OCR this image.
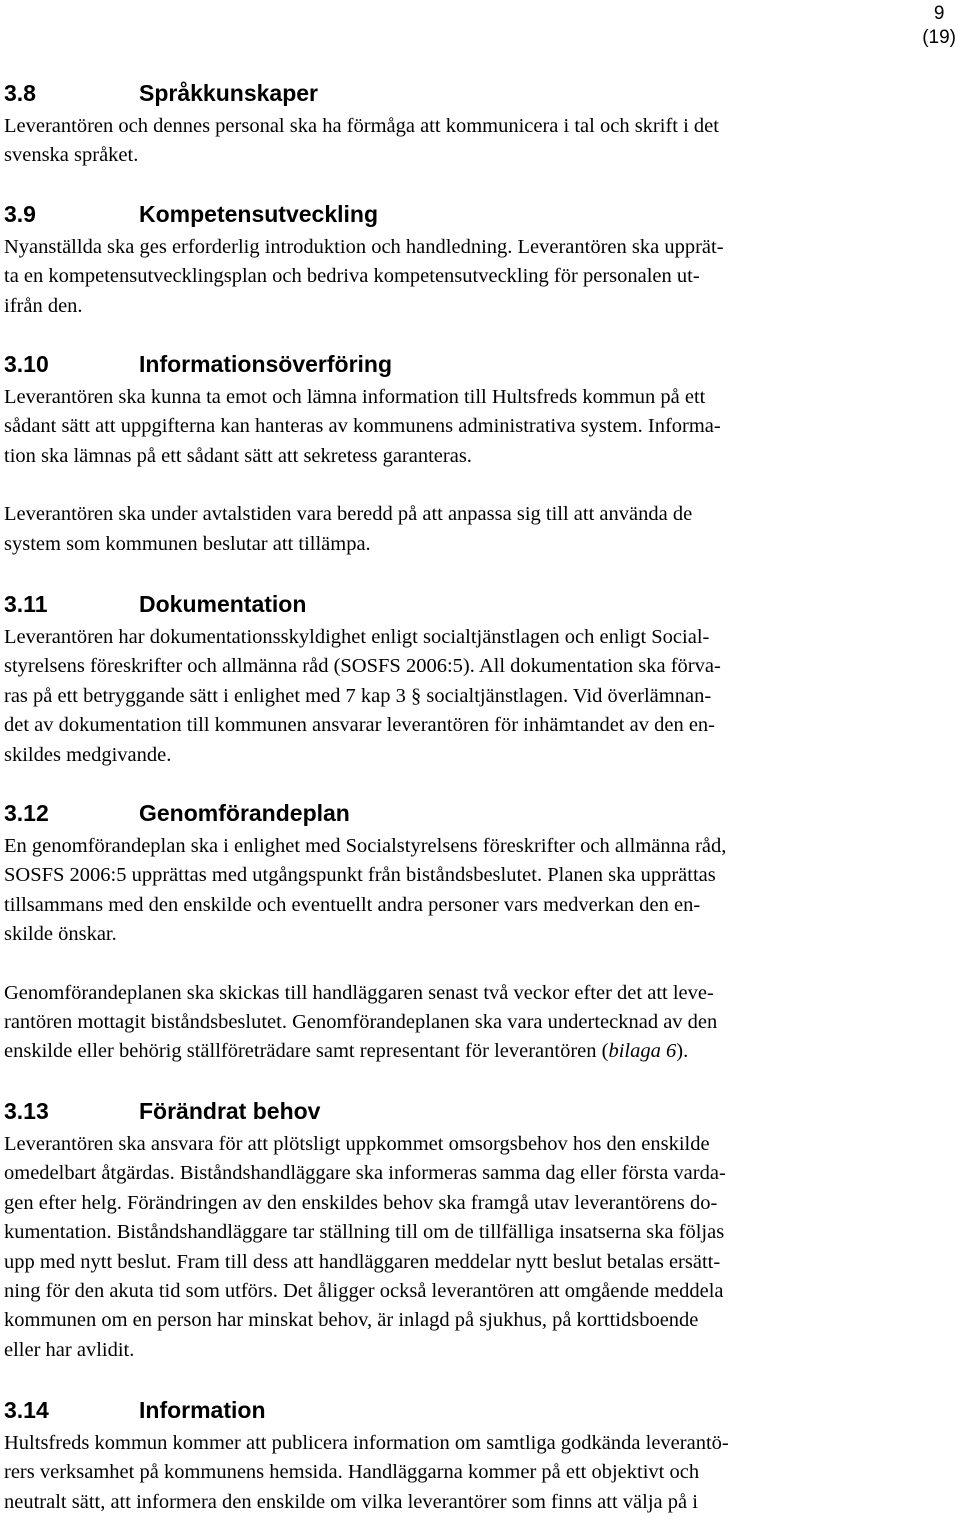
9
(19)
3.8	Språkkunskaper

Leverantören och dennes personal ska ha förmåga att kommunicera i tal och skrift i det
svenska språket.

3.9	Kompetensutveckling

Nyanställda ska ges erforderlig introduktion och handledning. Leverantören ska upprät-
ta en kompetensutvecklingsplan och bedriva kompetensutveckling för personalen ut-
ifrån den.

3.10	Informationsöverföring

Leverantören ska kunna ta emot och lämna information till Hultsfreds kommun på ett
sådant sätt att uppgifterna kan hanteras av kommunens administrativa system. Informa-
tion ska lämnas på ett sådant sätt att sekretess garanteras.

Leverantören ska under avtalstiden vara beredd på att anpassa sig till att använda de
system som kommunen beslutar att tillämpa.

3.11	Dokumentation

Leverantören har dokumentationsskyldighet enligt socialtjänstlagen och enligt Social-
styrelsens föreskrifter och allmänna råd (SOSFS 2006:5). All dokumentation ska förva-
ras på ett betryggande sätt i enlighet med 7 kap 3 § socialtjänstlagen. Vid överlämnan-
det av dokumentation till kommunen ansvarar leverantören för inhämtandet av den en-
skildes medgivande.

3.12	Genomförandeplan

En genomförandeplan ska i enlighet med Socialstyrelsens föreskrifter och allmänna råd,
SOSFS 2006:5 upprättas med utgångspunkt från biståndsbeslutet. Planen ska upprättas
tillsammans med den enskilde och eventuellt andra personer vars medverkan den en-
skilde önskar.

Genomförandeplanen ska skickas till handläggaren senast två veckor efter det att leve-
rantören mottagit biståndsbeslutet. Genomförandeplanen ska vara undertecknad av den
enskilde eller behörig ställföreträdare samt representant för leverantören (bilaga 6).

3.13	Förändrat behov

Leverantören ska ansvara för att plötsligt uppkommet omsorgsbehov hos den enskilde
omedelbart åtgärdas. Biståndshandläggare ska informeras samma dag eller första varda-
gen efter helg. Förändringen av den enskildes behov ska framgå utav leverantörens do-
kumentation. Biståndshandläggare tar ställning till om de tillfälliga insatserna ska följas
upp med nytt beslut. Fram till dess att handläggaren meddelar nytt beslut betalas ersätt-
ning för den akuta tid som utförs. Det åligger också leverantören att omgående meddela
kommunen om en person har minskat behov, är inlagd på sjukhus, på korttidsboende
eller har avlidit.

3.14	Information

Hultsfreds kommun kommer att publicera information om samtliga godkända leverantö-
rers verksamhet på kommunens hemsida. Handläggarna kommer på ett objektivt och
neutralt sätt, att informera den enskilde om vilka leverantörer som finns att välja på i
